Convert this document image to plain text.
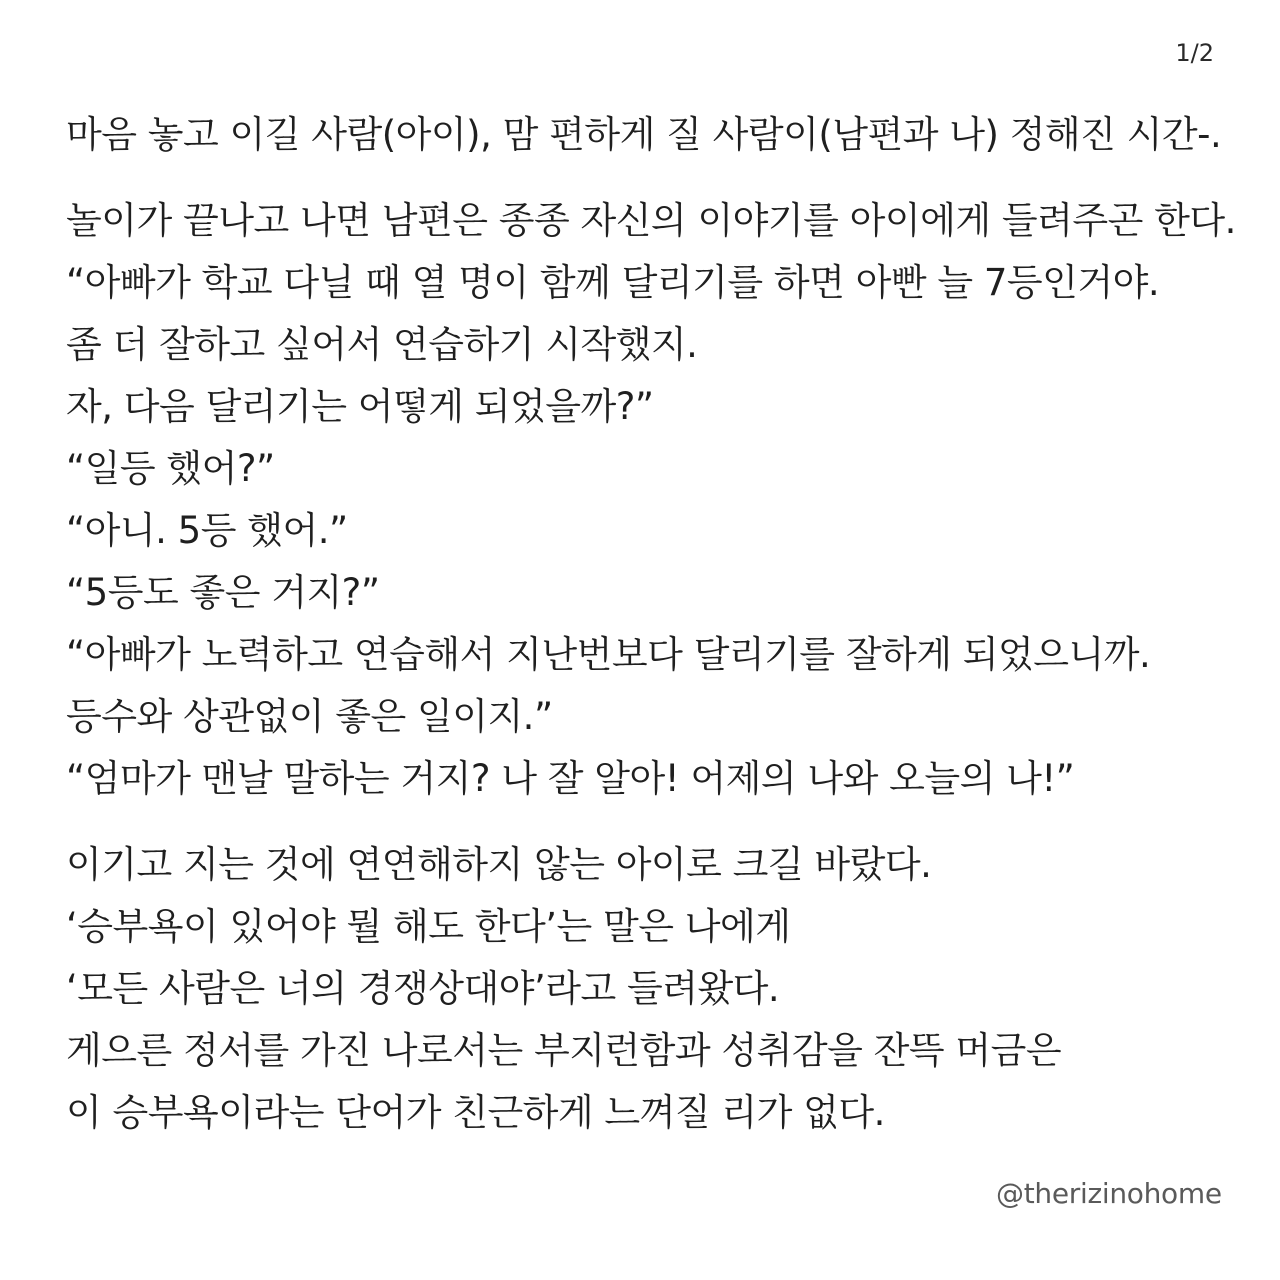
1/2
마음 놓고 이길 사람(아이), 맘 편하게 질 사람이(남편과 나) 정해진 시간-.
놀이가 끝나고 나면 남편은 종종 자신의 이야기를 아이에게 들려주곤 한다.
“아빠가 학교 다닐 때 열 명이 함께 달리기를 하면 아빤 늘 7등인거야.
좀 더 잘하고 싶어서 연습하기 시작했지.
자, 다음 달리기는 어떻게 되었을까?”
“일등 했어?”
“아니. 5등 했어.”
“5등도 좋은 거지?”
“아빠가 노력하고 연습해서 지난번보다 달리기를 잘하게 되었으니까.
등수와 상관없이 좋은 일이지.”
“엄마가 맨날 말하는 거지? 나 잘 알아! 어제의 나와 오늘의 나!”
이기고 지는 것에 연연해하지 않는 아이로 크길 바랐다.
‘승부욕이 있어야 뭘 해도 한다’는 말은 나에게
‘모든 사람은 너의 경쟁상대야’라고 들려왔다.
게으른 정서를 가진 나로서는 부지런함과 성취감을 잔뜩 머금은
이 승부욕이라는 단어가 친근하게 느껴질 리가 없다.
@therizinohome
